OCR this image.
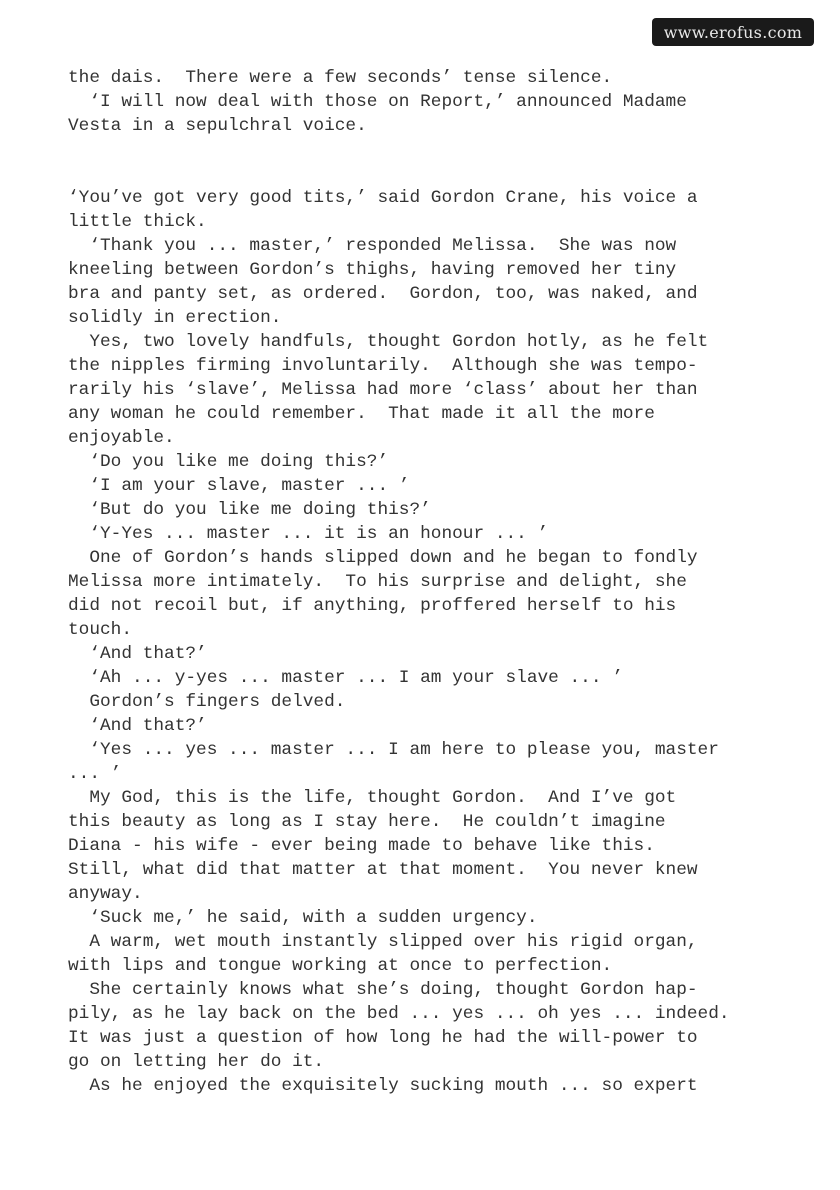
www.erofus.com
the dais.  There were a few seconds’ tense silence.
‘I will now deal with those on Report,’ announced Madame
Vesta in a sepulchral voice.
‘You’ve got very good tits,’ said Gordon Crane, his voice a
little thick.
‘Thank you ... master,’ responded Melissa.  She was now
kneeling between Gordon’s thighs, having removed her tiny
bra and panty set, as ordered.  Gordon, too, was naked, and
solidly in erection.
Yes, two lovely handfuls, thought Gordon hotly, as he felt
the nipples firming involuntarily.  Although she was tempo-
rarily his ‘slave’, Melissa had more ‘class’ about her than
any woman he could remember.  That made it all the more
enjoyable.
‘Do you like me doing this?’
‘I am your slave, master ... ’
‘But do you like me doing this?’
‘Y-Yes ... master ... it is an honour ... ’
One of Gordon’s hands slipped down and he began to fondly
Melissa more intimately.  To his surprise and delight, she
did not recoil but, if anything, proffered herself to his
touch.
‘And that?’
‘Ah ... y-yes ... master ... I am your slave ... ’
Gordon’s fingers delved.
‘And that?’
‘Yes ... yes ... master ... I am here to please you, master
... ’
My God, this is the life, thought Gordon.  And I’ve got
this beauty as long as I stay here.  He couldn’t imagine
Diana - his wife - ever being made to behave like this.
Still, what did that matter at that moment.  You never knew
anyway.
‘Suck me,’ he said, with a sudden urgency.
A warm, wet mouth instantly slipped over his rigid organ,
with lips and tongue working at once to perfection.
She certainly knows what she’s doing, thought Gordon hap-
pily, as he lay back on the bed ... yes ... oh yes ... indeed.
It was just a question of how long he had the will-power to
go on letting her do it.
As he enjoyed the exquisitely sucking mouth ... so expert
